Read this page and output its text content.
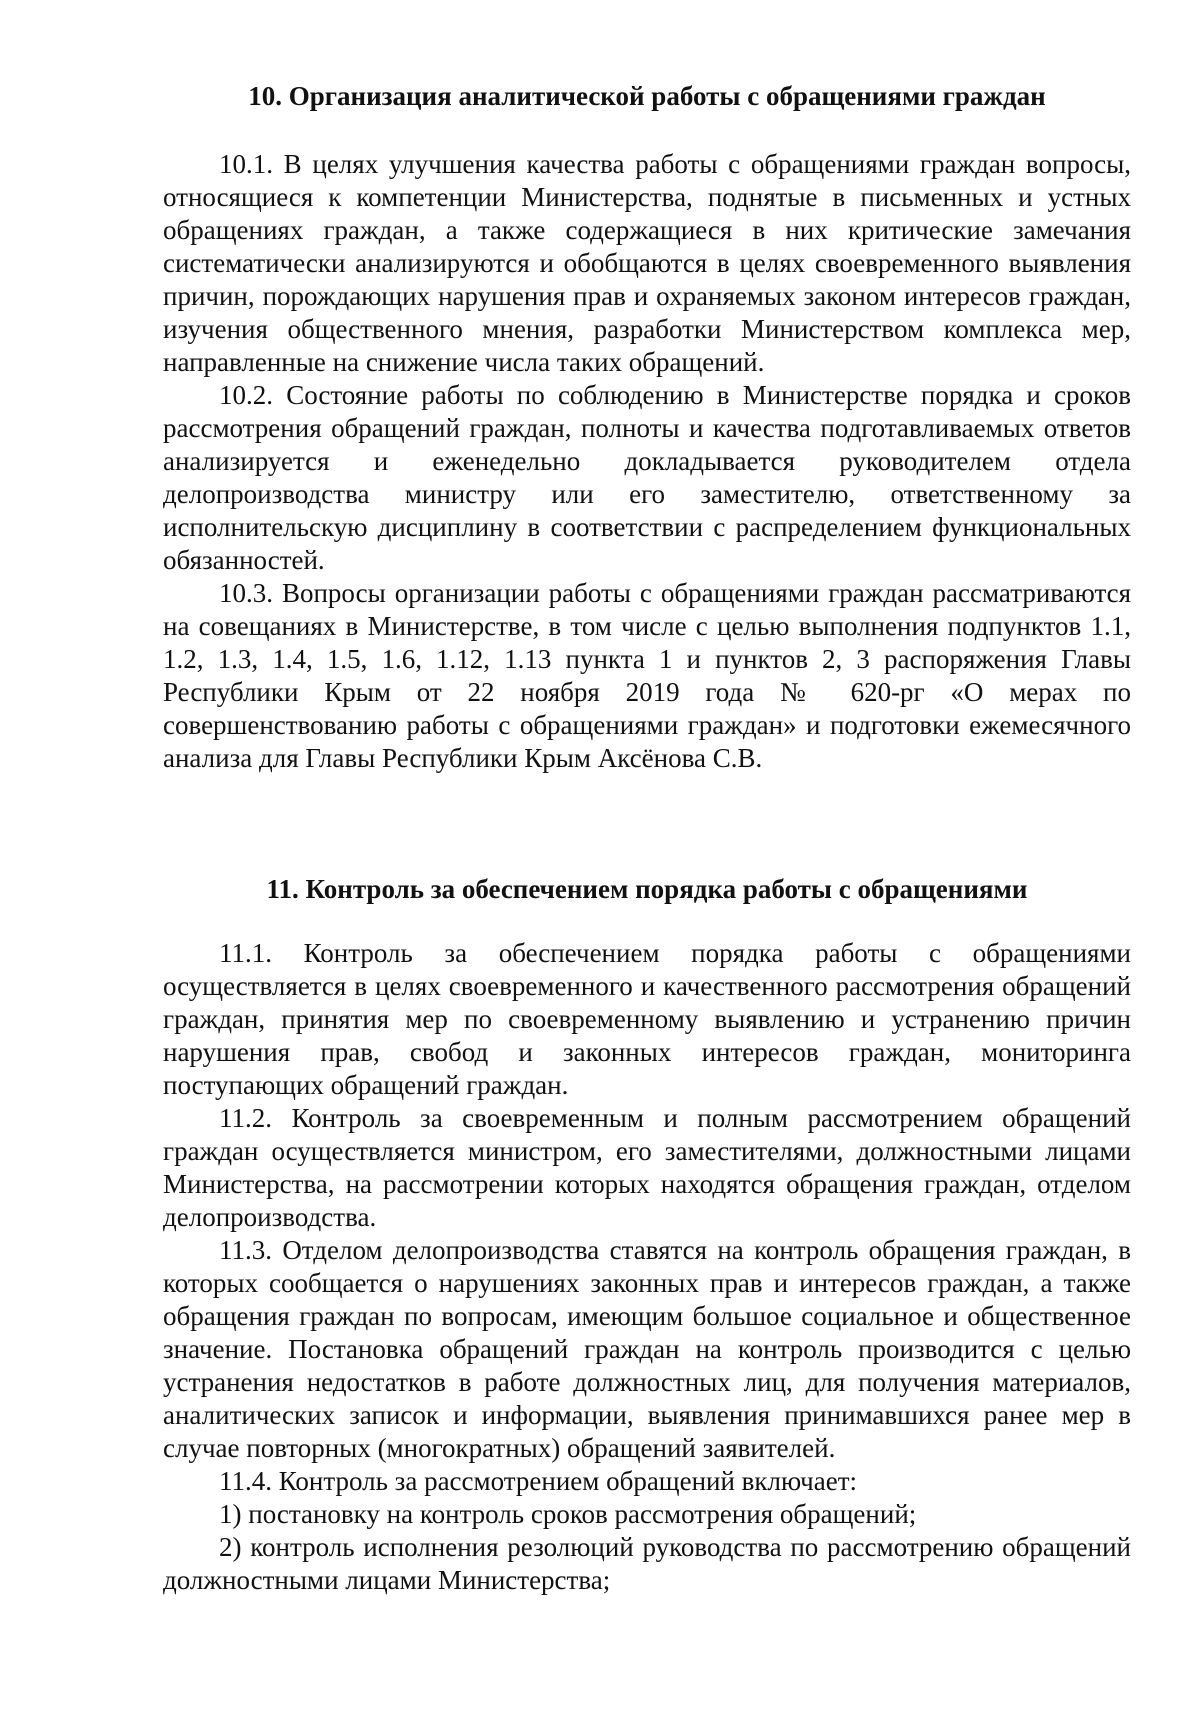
10. Организация аналитической работы с обращениями граждан

10.1. В целях улучшения качества работы с обращениями граждан вопросы, относящиеся к компетенции Министерства, поднятые в письменных и устных обращениях граждан, а также содержащиеся в них критические замечания систематически анализируются и обобщаются в целях своевременного выявления причин, порождающих нарушения прав и охраняемых законом интересов граждан, изучения общественного мнения, разработки Министерством комплекса мер, направленные на снижение числа таких обращений.

10.2. Состояние работы по соблюдению в Министерстве порядка и сроков рассмотрения обращений граждан, полноты и качества подготавливаемых ответов анализируется и еженедельно докладывается руководителем отдела делопроизводства министру или его заместителю, ответственному за исполнительскую дисциплину в соответствии с распределением функциональных обязанностей.

10.3. Вопросы организации работы с обращениями граждан рассматриваются на совещаниях в Министерстве, в том числе с целью выполнения подпунктов 1.1, 1.2, 1.3, 1.4, 1.5, 1.6, 1.12, 1.13 пункта 1 и пунктов 2, 3 распоряжения Главы Республики Крым от 22 ноября 2019 года № 620-рг «О мерах по совершенствованию работы с обращениями граждан» и подготовки ежемесячного анализа для Главы Республики Крым Аксёнова С.В.

11. Контроль за обеспечением порядка работы с обращениями

11.1. Контроль за обеспечением порядка работы с обращениями осуществляется в целях своевременного и качественного рассмотрения обращений граждан, принятия мер по своевременному выявлению и устранению причин нарушения прав, свобод и законных интересов граждан, мониторинга поступающих обращений граждан.

11.2. Контроль за своевременным и полным рассмотрением обращений граждан осуществляется министром, его заместителями, должностными лицами Министерства, на рассмотрении которых находятся обращения граждан, отделом делопроизводства.

11.3. Отделом делопроизводства ставятся на контроль обращения граждан, в которых сообщается о нарушениях законных прав и интересов граждан, а также обращения граждан по вопросам, имеющим большое социальное и общественное значение. Постановка обращений граждан на контроль производится с целью устранения недостатков в работе должностных лиц, для получения материалов, аналитических записок и информации, выявления принимавшихся ранее мер в случае повторных (многократных) обращений заявителей.

11.4. Контроль за рассмотрением обращений включает:

1) постановку на контроль сроков рассмотрения обращений;

2) контроль исполнения резолюций руководства по рассмотрению обращений должностными лицами Министерства;
